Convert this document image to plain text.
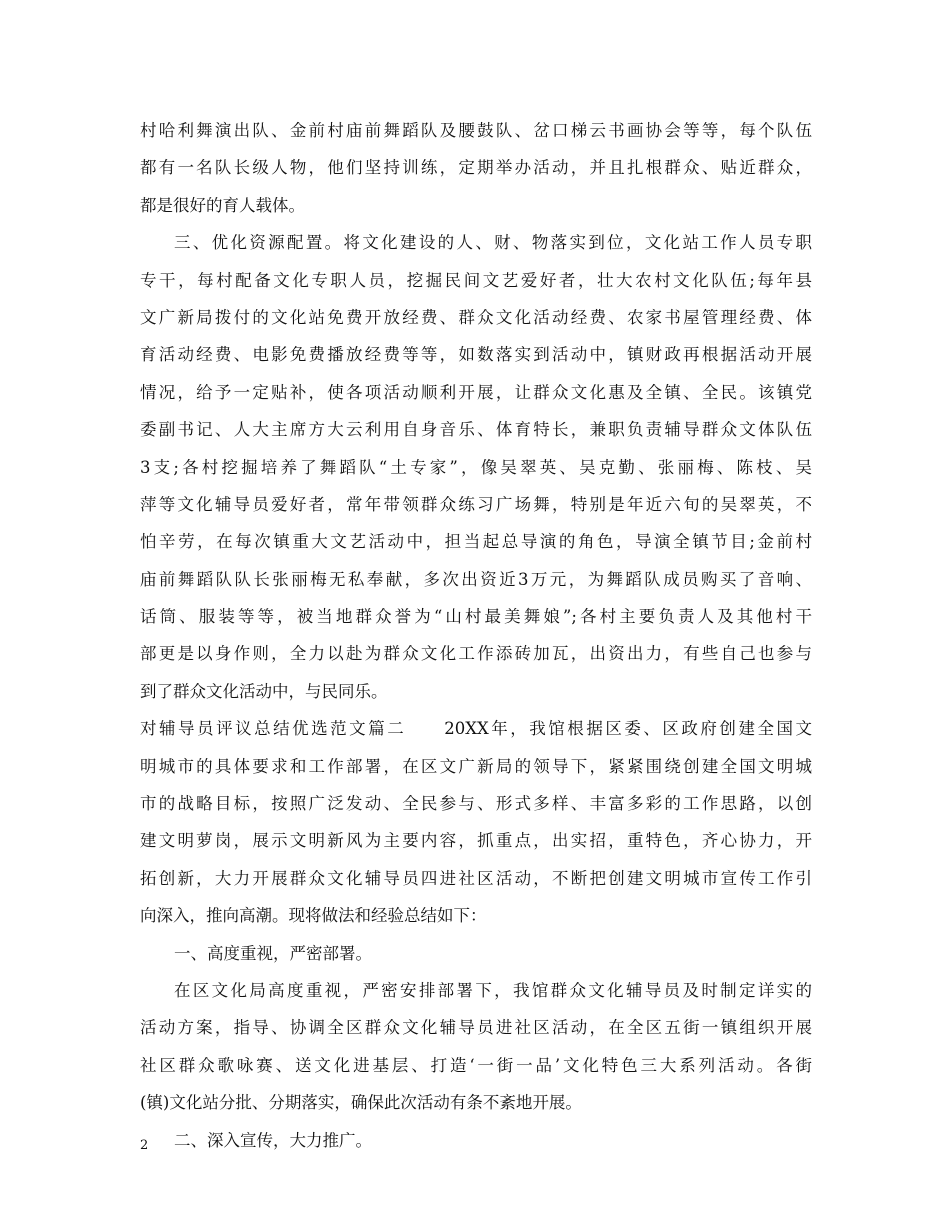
村哈利舞演出队、金前村庙前舞蹈队及腰鼓队、岔口梯云书画协会等等，每个队伍
都有一名队长级人物，他们坚持训练，定期举办活动，并且扎根群众、贴近群众，
都是很好的育人载体。
三、优化资源配置。将文化建设的人、财、物落实到位，文化站工作人员专职
专干，每村配备文化专职人员，挖掘民间文艺爱好者，壮大农村文化队伍;每年县
文广新局拨付的文化站免费开放经费、群众文化活动经费、农家书屋管理经费、体
育活动经费、电影免费播放经费等等，如数落实到活动中，镇财政再根据活动开展
情况，给予一定贴补，使各项活动顺利开展，让群众文化惠及全镇、全民。该镇党
委副书记、人大主席方大云利用自身音乐、体育特长，兼职负责辅导群众文体队伍
3支;各村挖掘培养了舞蹈队“土专家”，像吴翠英、吴克勤、张丽梅、陈枝、吴
萍等文化辅导员爱好者，常年带领群众练习广场舞，特别是年近六旬的吴翠英，不
怕辛劳，在每次镇重大文艺活动中，担当起总导演的角色，导演全镇节目;金前村
庙前舞蹈队队长张丽梅无私奉献，多次出资近3万元，为舞蹈队成员购买了音响、
话筒、服装等等，被当地群众誉为“山村最美舞娘”;各村主要负责人及其他村干
部更是以身作则，全力以赴为群众文化工作添砖加瓦，出资出力，有些自己也参与
到了群众文化活动中，与民同乐。
对辅导员评议总结优选范文篇二 20XX年，我馆根据区委、区政府创建全国文
明城市的具体要求和工作部署，在区文广新局的领导下，紧紧围绕创建全国文明城
市的战略目标，按照广泛发动、全民参与、形式多样、丰富多彩的工作思路，以创
建文明萝岗，展示文明新风为主要内容，抓重点，出实招，重特色，齐心协力，开
拓创新，大力开展群众文化辅导员四进社区活动，不断把创建文明城市宣传工作引
向深入，推向高潮。现将做法和经验总结如下：
一、高度重视，严密部署。
在区文化局高度重视，严密安排部署下，我馆群众文化辅导员及时制定详实的
活动方案，指导、协调全区群众文化辅导员进社区活动，在全区五街一镇组织开展
社区群众歌咏赛、送文化进基层、打造‘一街一品’文化特色三大系列活动。各街
(镇)文化站分批、分期落实，确保此次活动有条不紊地开展。
二、深入宣传，大力推广。
2
